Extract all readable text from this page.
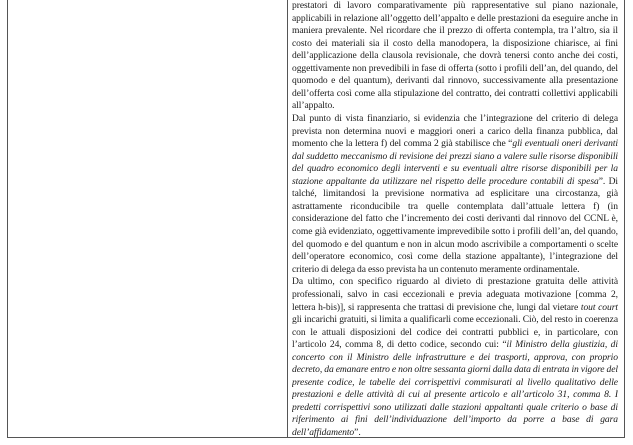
prestatori di lavoro comparativamente più rappresentative sul piano nazionale, applicabili in relazione all’oggetto dell’appalto e delle prestazioni da eseguire anche in maniera prevalente. Nel ricordare che il prezzo di offerta contempla, tra l’altro, sia il costo dei materiali sia il costo della manodopera, la disposizione chiarisce, ai fini dell’applicazione della clausola revisionale, che dovrà tenersi conto anche dei costi, oggettivamente non prevedibili in fase di offerta (sotto i profili dell’an, del quando, del quomodo e del quantum), derivanti dal rinnovo, successivamente alla presentazione dell’offerta così come alla stipulazione del contratto, dei contratti collettivi applicabili all’appalto.

Dal punto di vista finanziario, si evidenzia che l’integrazione del criterio di delega prevista non determina nuovi e maggiori oneri a carico della finanza pubblica, dal momento che la lettera f) del comma 2 già stabilisce che “gli eventuali oneri derivanti dal suddetto meccanismo di revisione dei prezzi siano a valere sulle risorse disponibili del quadro economico degli interventi e su eventuali altre risorse disponibili per la stazione appaltante da utilizzare nel rispetto delle procedure contabili di spesa”. Di talché, limitandosi la previsione normativa ad esplicitare una circostanza, già astrattamente riconducibile tra quelle contemplata dall’attuale lettera f) (in considerazione del fatto che l’incremento dei costi derivanti dal rinnovo del CCNL è, come già evidenziato, oggettivamente imprevedibile sotto i profili dell’an, del quando, del quomodo e del quantum e non in alcun modo ascrivibile a comportamenti o scelte dell’operatore economico, così come della stazione appaltante), l’integrazione del criterio di delega da esso prevista ha un contenuto meramente ordinamentale.

Da ultimo, con specifico riguardo al divieto di prestazione gratuita delle attività professionali, salvo in casi eccezionali e previa adeguata motivazione [comma 2, lettera h-bis)], si rappresenta che trattasi di previsione che, lungi dal vietare tout court gli incarichi gratuiti, si limita a qualificarli come eccezionali. Ciò, del resto in coerenza con le attuali disposizioni del codice dei contratti pubblici e, in particolare, con l’articolo 24, comma 8, di detto codice, secondo cui: “il Ministro della giustizia, di concerto con il Ministro delle infrastrutture e dei trasporti, approva, con proprio decreto, da emanare entro e non oltre sessanta giorni dalla data di entrata in vigore del presente codice, le tabelle dei corrispettivi commisurati al livello qualitativo delle prestazioni e delle attività di cui al presente articolo e all’articolo 31, comma 8. I predetti corrispettivi sono utilizzati dalle stazioni appaltanti quale criterio o base di riferimento ai fini dell’individuazione dell’importo da porre a base di gara dell’affidamento”.
